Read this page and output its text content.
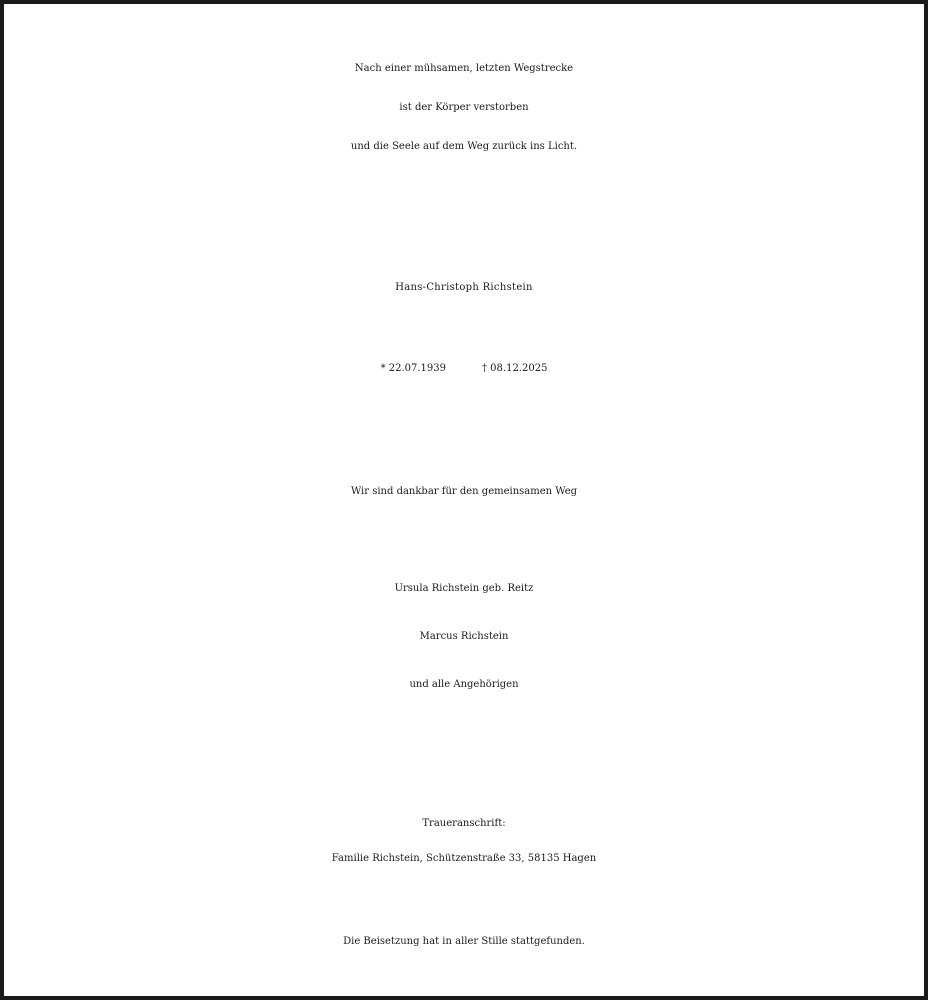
Nach einer mühsamen, letzten Wegstrecke
ist der Körper verstorben
und die Seele auf dem Weg zurück ins Licht.
Hans-Christoph Richstein
* 22.07.1939	† 08.12.2025
Wir sind dankbar für den gemeinsamen Weg
Ursula Richstein geb. Reitz
Marcus Richstein
und alle Angehörigen
Traueranschrift:
Familie Richstein, Schützenstraße 33, 58135 Hagen
Die Beisetzung hat in aller Stille stattgefunden.
